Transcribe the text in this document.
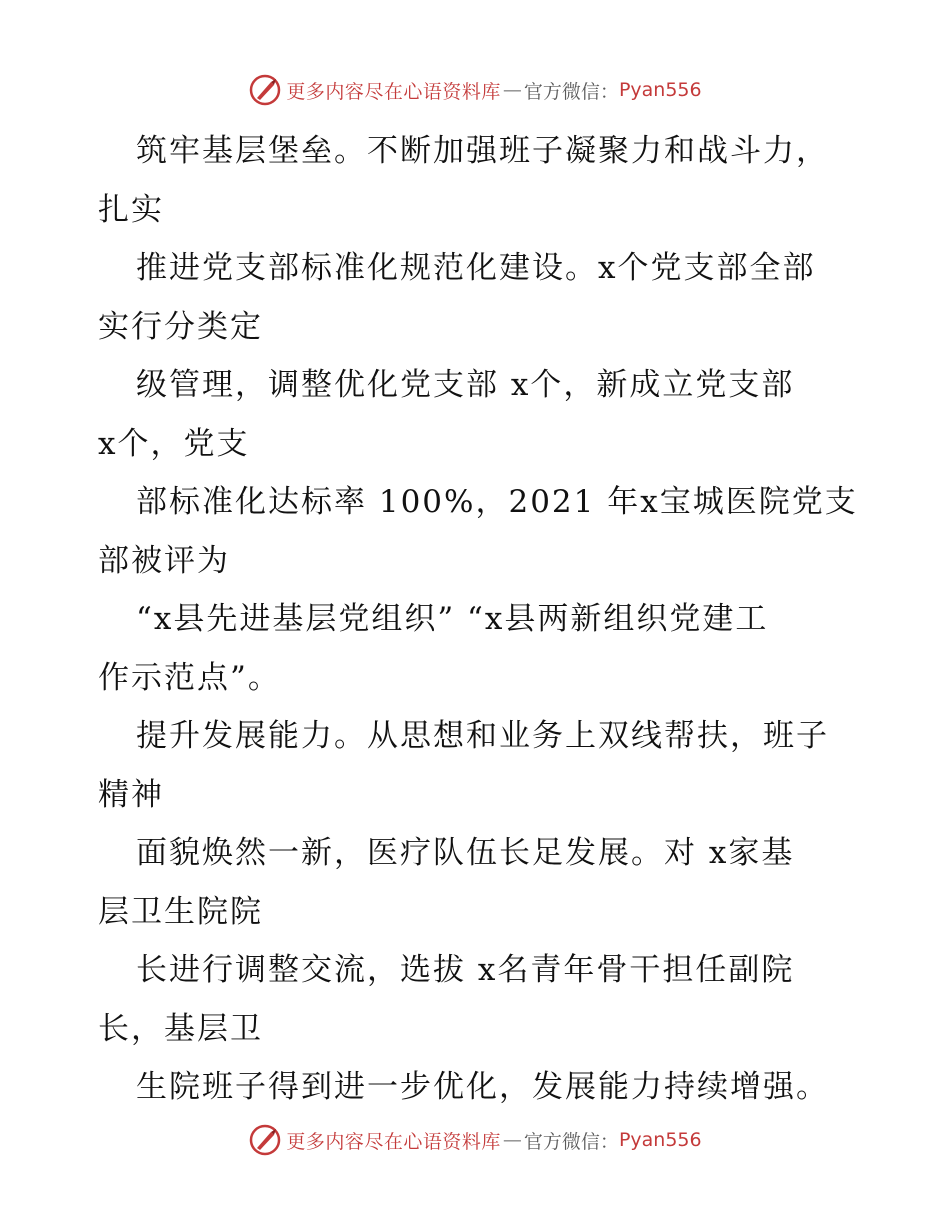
更多内容尽在心语资料库 — 官方微信： Pyan556
筑牢基层堡垒。不断加强班子凝聚力和战斗力，
扎实
推进党支部标准化规范化建设。x个党支部全部
实行分类定
级管理，调整优化党支部 x个，新成立党支部
x个，党支
部标准化达标率 100%，2021 年x宝城医院党支
部被评为
“x县先进基层党组织” “x县两新组织党建工
作示范点”。
提升发展能力。从思想和业务上双线帮扶，班子
精神
面貌焕然一新，医疗队伍长足发展。对 x家基
层卫生院院
长进行调整交流，选拔 x名青年骨干担任副院
长，基层卫
生院班子得到进一步优化，发展能力持续增强。
更多内容尽在心语资料库 — 官方微信： Pyan556
